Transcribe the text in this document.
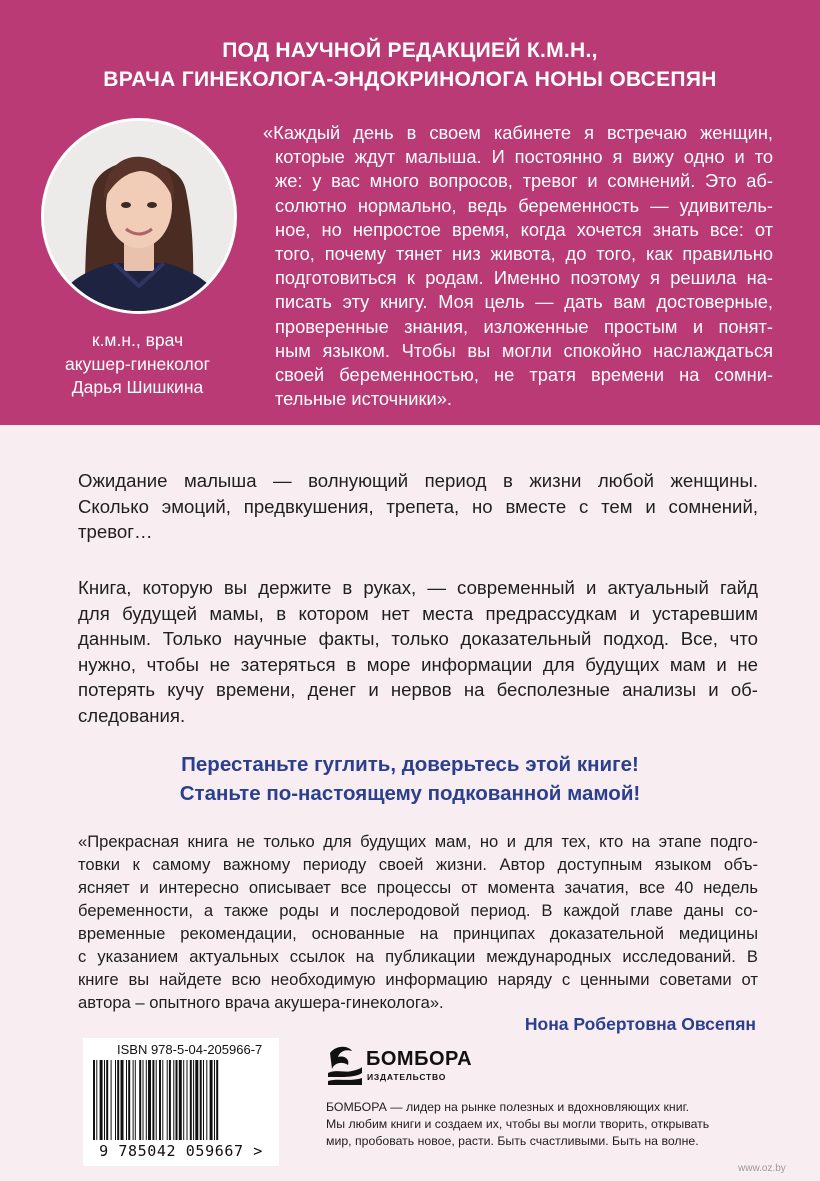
ПОД НАУЧНОЙ РЕДАКЦИЕЙ К.М.Н.,
ВРАЧА ГИНЕКОЛОГА-ЭНДОКРИНОЛОГА НОНЫ ОВСЕПЯН
к.м.н., врач
акушер-гинеколог
Дарья Шишкина
«Каждый день в своем кабинете я встречаю женщин,
которые ждут малыша. И постоянно я вижу одно и то
же: у вас много вопросов, тревог и сомнений. Это аб-
солютно нормально, ведь беременность — удивитель-
ное, но непростое время, когда хочется знать все: от
того, почему тянет низ живота, до того, как правильно
подготовиться к родам. Именно поэтому я решила на-
писать эту книгу. Моя цель — дать вам достоверные,
проверенные знания, изложенные простым и понят-
ным языком. Чтобы вы могли спокойно наслаждаться
своей беременностью, не тратя времени на сомни-
тельные источники».
Ожидание малыша — волнующий период в жизни любой женщины.
Сколько эмоций, предвкушения, трепета, но вместе с тем и сомнений,
тревог…
Книга, которую вы держите в руках, — современный и актуальный гайд
для будущей мамы, в котором нет места предрассудкам и устаревшим
данным. Только научные факты, только доказательный подход. Все, что
нужно, чтобы не затеряться в море информации для будущих мам и не
потерять кучу времени, денег и нервов на бесполезные анализы и об-
следования.
Перестаньте гуглить, доверьтесь этой книге!
Станьте по-настоящему подкованной мамой!
«Прекрасная книга не только для будущих мам, но и для тех, кто на этапе подго-
товки к самому важному периоду своей жизни. Автор доступным языком объ-
ясняет и интересно описывает все процессы от момента зачатия, все 40 недель
беременности, а также роды и послеродовой период. В каждой главе даны со-
временные рекомендации, основанные на принципах доказательной медицины
с указанием актуальных ссылок на публикации международных исследований. В
книге вы найдете всю необходимую информацию наряду с ценными советами от
автора – опытного врача акушера-гинеколога».
Нона Робертовна Овсепян
ISBN 978-5-04-205966-7
9 785042 059667 >
БОМБОРА
ИЗДАТЕЛЬСТВО
БОМБОРА — лидер на рынке полезных и вдохновляющих книг.
Мы любим книги и создаем их, чтобы вы могли творить, открывать
мир, пробовать новое, расти. Быть счастливыми. Быть на волне.
www.oz.by
